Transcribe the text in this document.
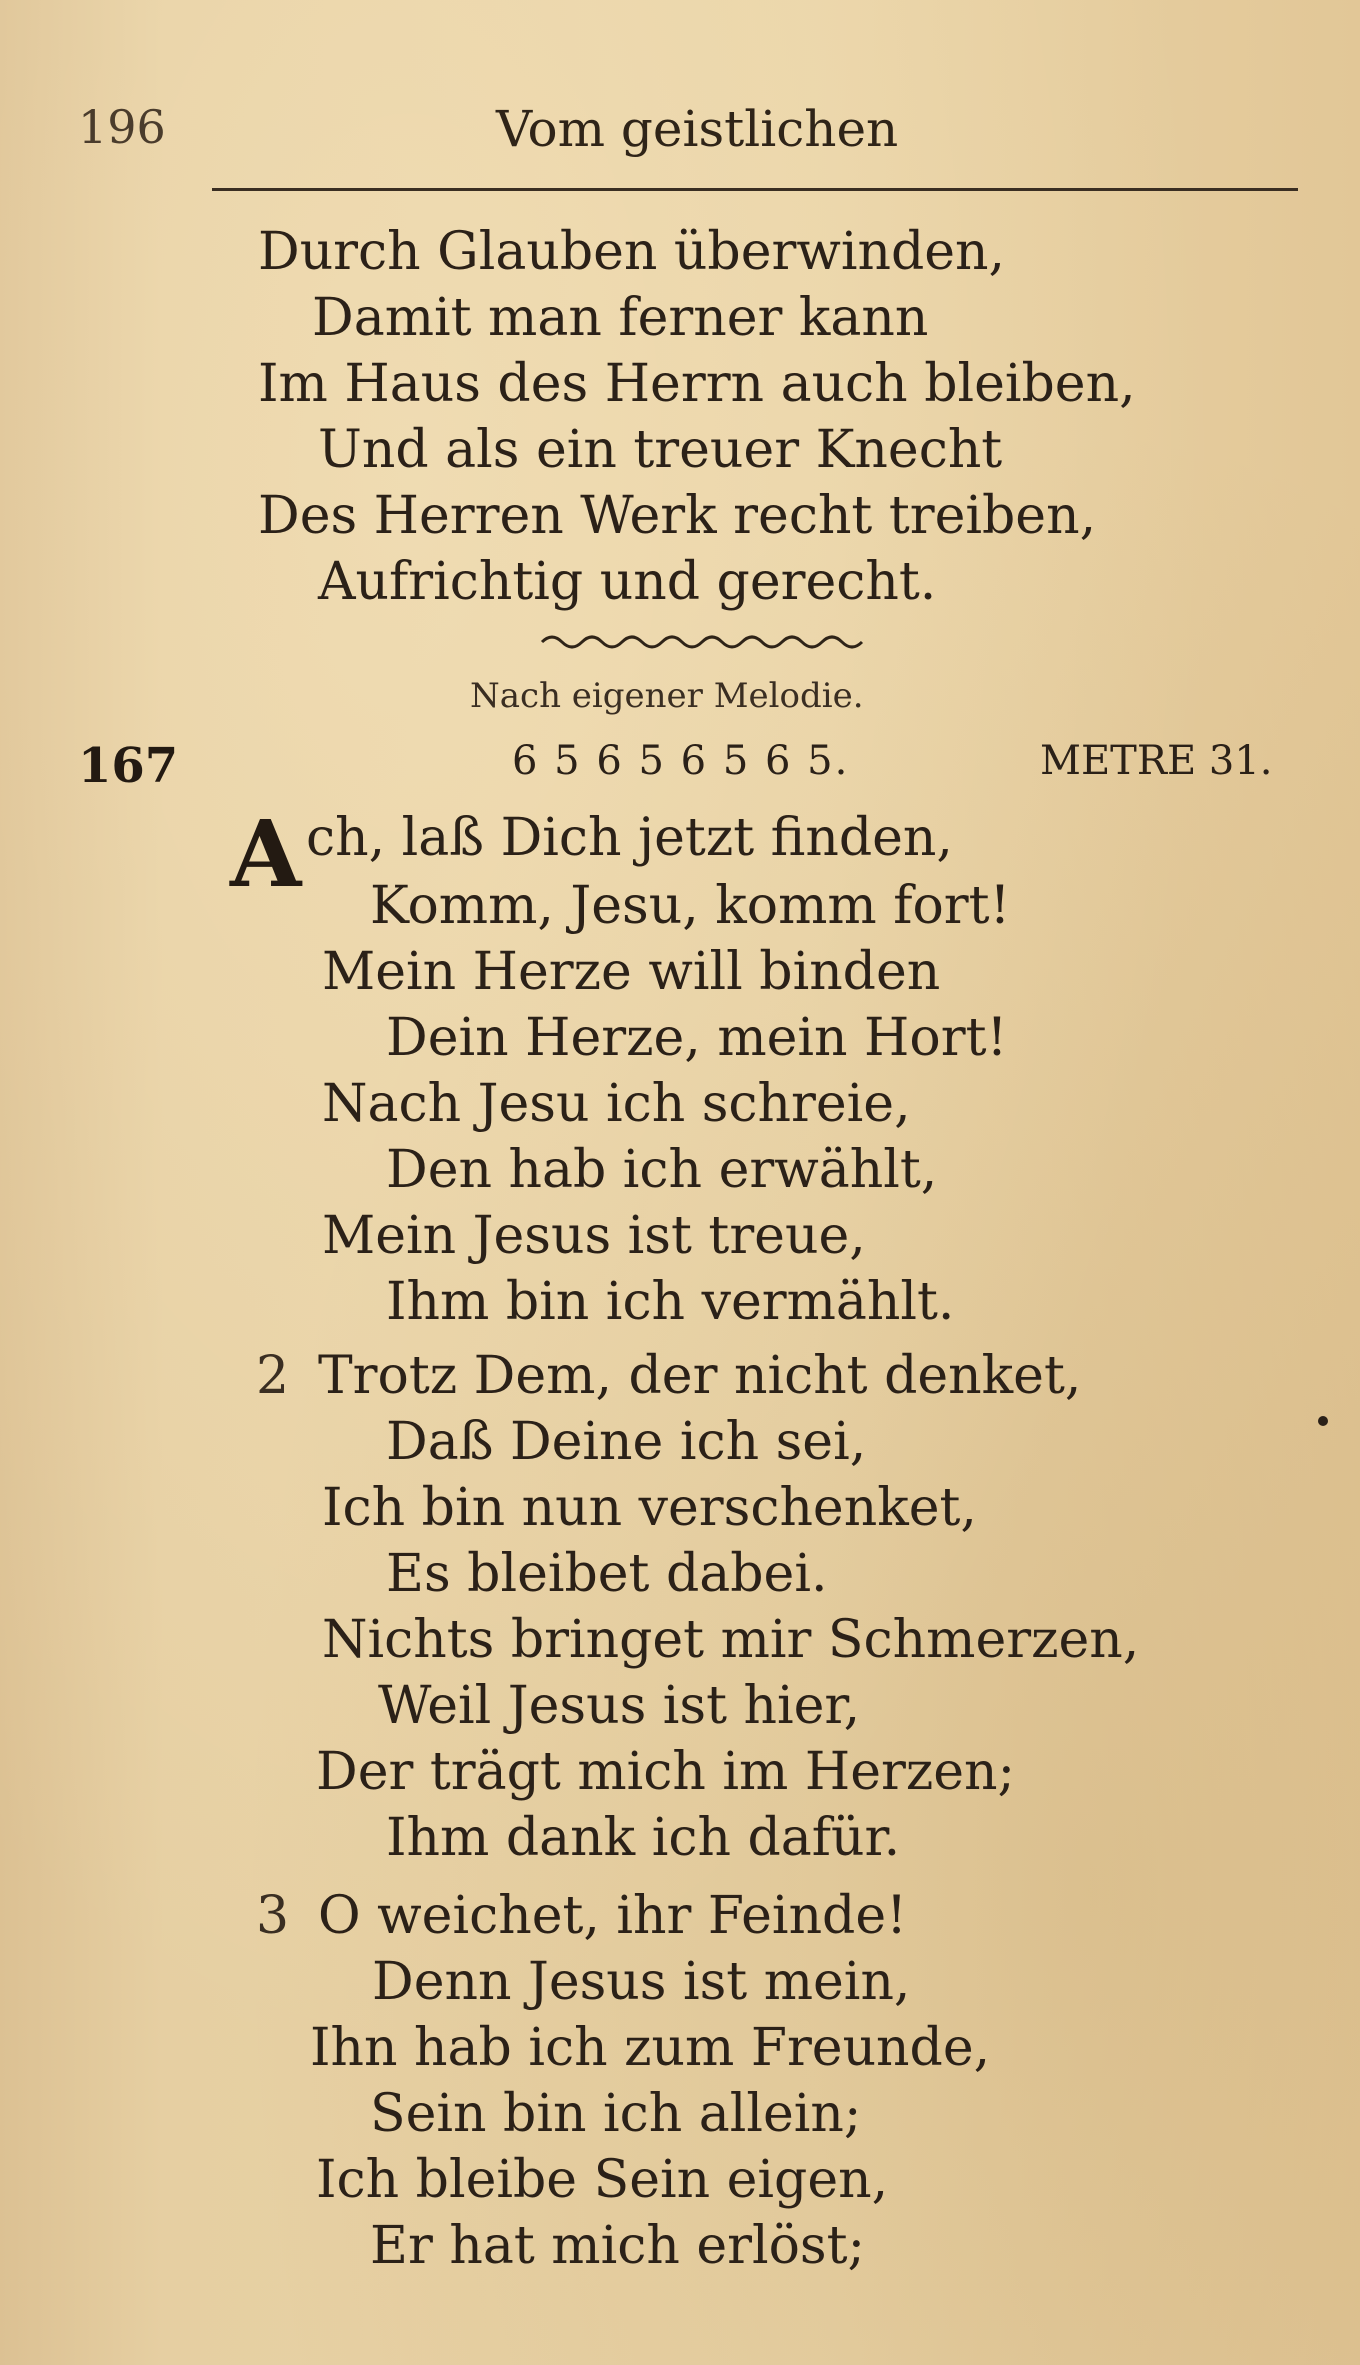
196	Vom geistlichen
Durch Glauben überwinden,
Damit man ferner kann
Im Haus des Herrn auch bleiben,
Und als ein treuer Knecht
Des Herren Werk recht treiben,
Aufrichtig und gerecht.
Nach eigener Melodie.
167	6 5 6 5 6 5 6 5.	METRE 31.
A ch, laß Dich jetzt finden,
Komm, Jesu, komm fort!
Mein Herze will binden
Dein Herze, mein Hort!
Nach Jesu ich schreie,
Den hab ich erwählt,
Mein Jesus ist treue,
Ihm bin ich vermählt.
2 Trotz Dem, der nicht denket,
Daß Deine ich sei,
Ich bin nun verschenket,
Es bleibet dabei.
Nichts bringet mir Schmerzen,
Weil Jesus ist hier,
Der trägt mich im Herzen;
Ihm dank ich dafür.
3 O weichet, ihr Feinde!
Denn Jesus ist mein,
Ihn hab ich zum Freunde,
Sein bin ich allein;
Ich bleibe Sein eigen,
Er hat mich erlöst;
